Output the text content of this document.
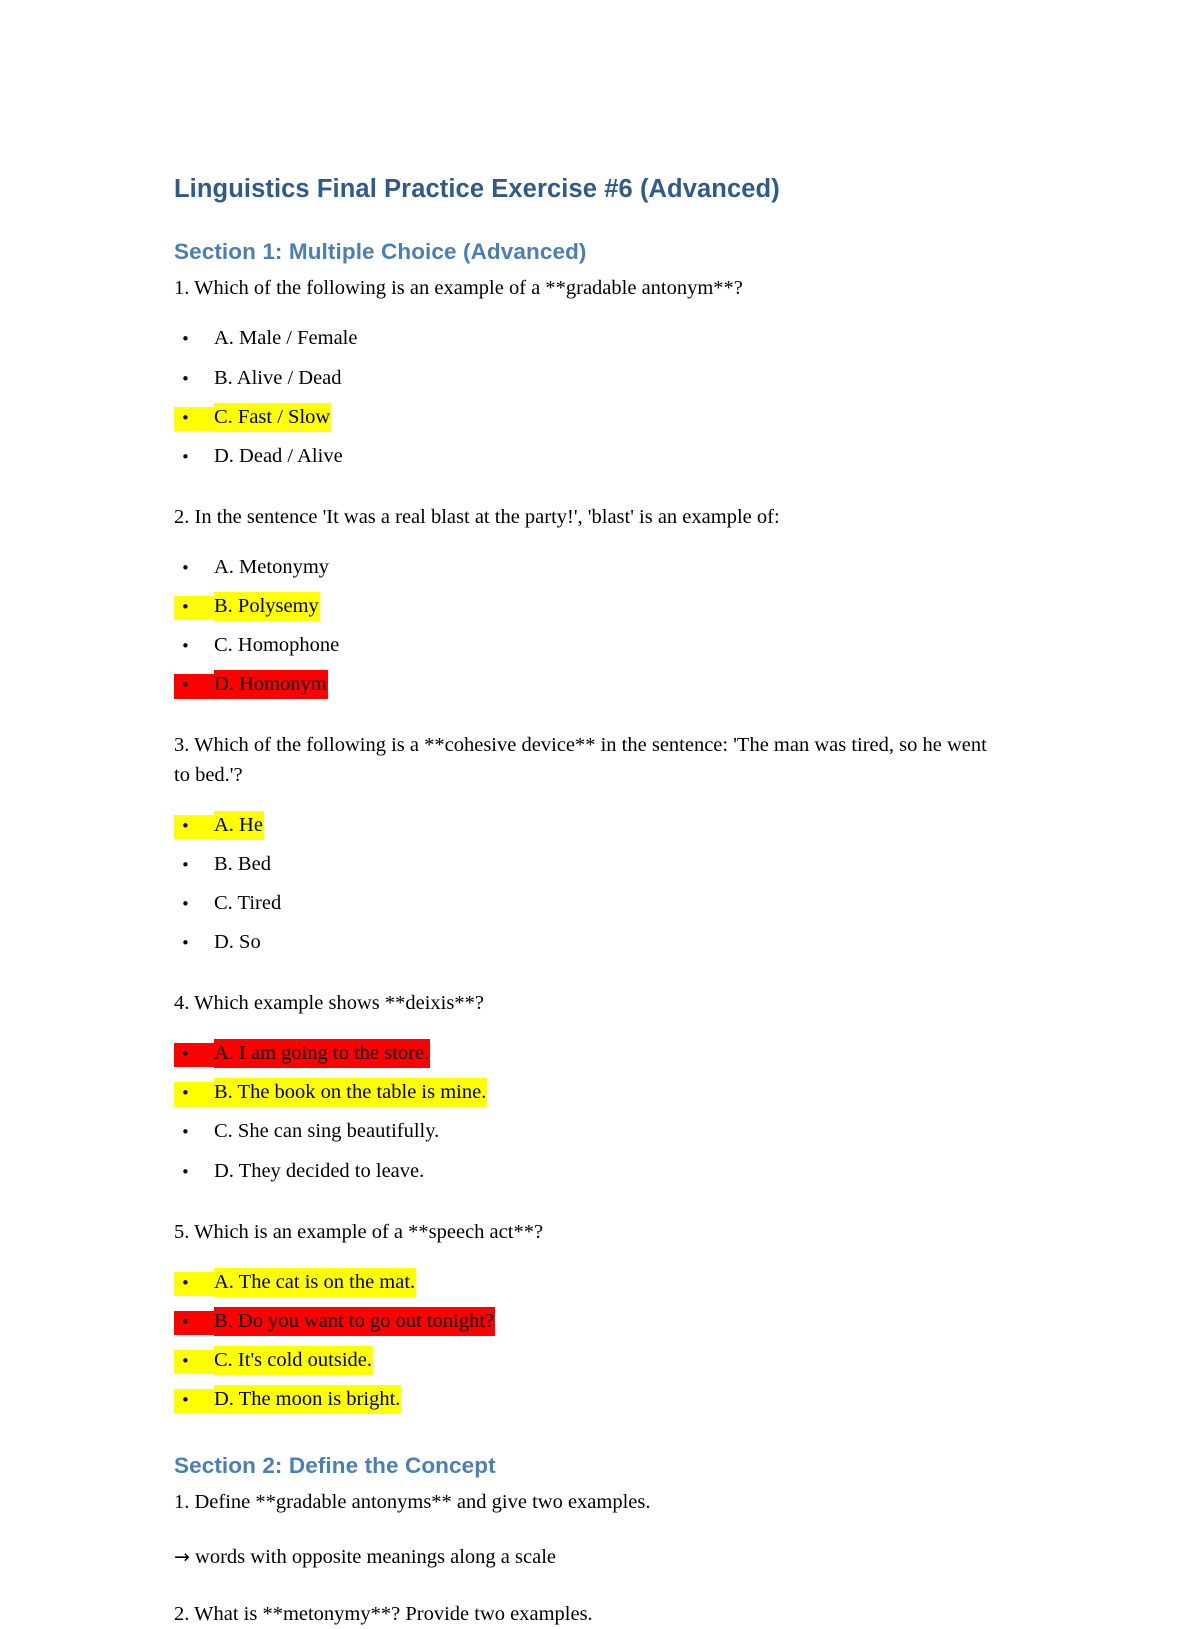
Linguistics Final Practice Exercise #6 (Advanced)
Section 1: Multiple Choice (Advanced)

1. Which of the following is an example of a **gradable antonym**?

•	A. Male / Female
•	B. Alive / Dead
•	C. Fast / Slow
•	D. Dead / Alive

2. In the sentence 'It was a real blast at the party!', 'blast' is an example of:

•	A. Metonymy
•	B. Polysemy
•	C. Homophone
•	D. Homonym

3. Which of the following is a **cohesive device** in the sentence: 'The man was tired, so he went to bed.'?

•	A. He
•	B. Bed
•	C. Tired
•	D. So

4. Which example shows **deixis**?

•	A. I am going to the store.
•	B. The book on the table is mine.
•	C. She can sing beautifully.
•	D. They decided to leave.

5. Which is an example of a **speech act**?

•	A. The cat is on the mat.
•	B. Do you want to go out tonight?
•	C. It's cold outside.
•	D. The moon is bright.
Section 2: Define the Concept

1. Define **gradable antonyms** and give two examples.

→ words with opposite meanings along a scale

2. What is **metonymy**? Provide two examples.
